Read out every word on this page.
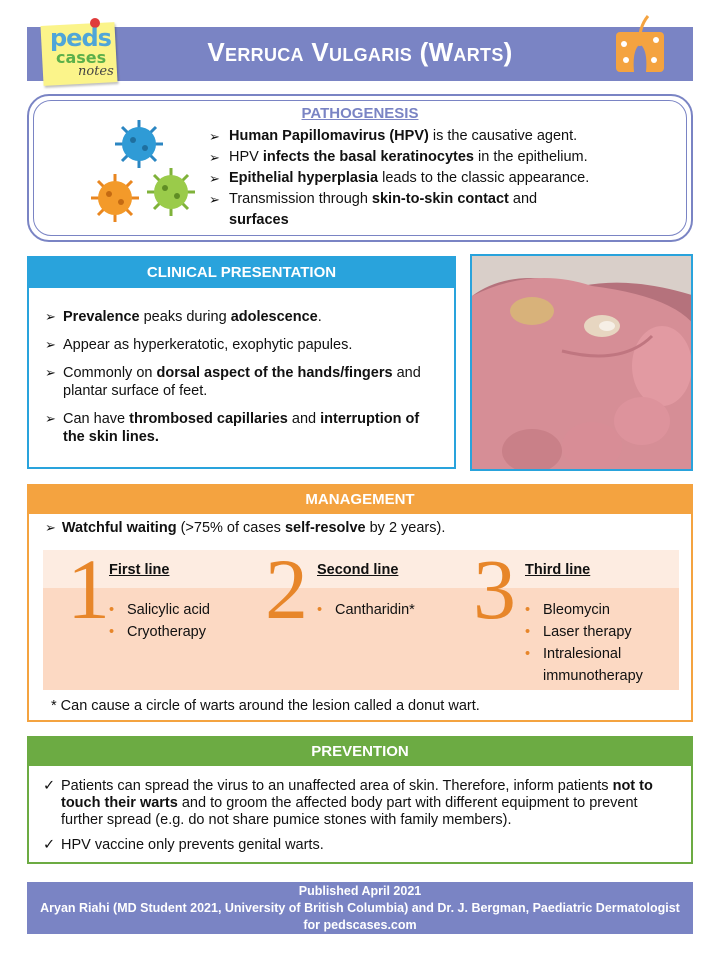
Verruca Vulgaris (Warts)
peds
cases
notes
PATHOGENESIS
➢ Human Papillomavirus (HPV) is the causative agent.
➢ HPV infects the basal keratinocytes in the epithelium.
➢ Epithelial hyperplasia leads to the classic appearance.
➢ Transmission through skin-to-skin contact and
surfaces
CLINICAL PRESENTATION
➢ Prevalence peaks during adolescence.
➢ Appear as hyperkeratotic, exophytic papules.
➢ Commonly on dorsal aspect of the hands/fingers and plantar surface of feet.
➢ Can have thrombosed capillaries and interruption of the skin lines.
MANAGEMENT
➢ Watchful waiting (>75% of cases self-resolve by 2 years).
1 First line
• Salicylic acid
• Cryotherapy 2 Second line
• Cantharidin* 3 Third line
• Bleomycin
• Laser therapy
• Intralesional immunotherapy
* Can cause a circle of warts around the lesion called a donut wart.
PREVENTION
✓ Patients can spread the virus to an unaffected area of skin. Therefore, inform patients not to touch their warts and to groom the affected body part with different equipment to prevent further spread (e.g. do not share pumice stones with family members).
✓ HPV vaccine only prevents genital warts.
Published April 2021
Aryan Riahi (MD Student 2021, University of British Columbia) and Dr. J. Bergman, Paediatric Dermatologist
for pedscases.com
